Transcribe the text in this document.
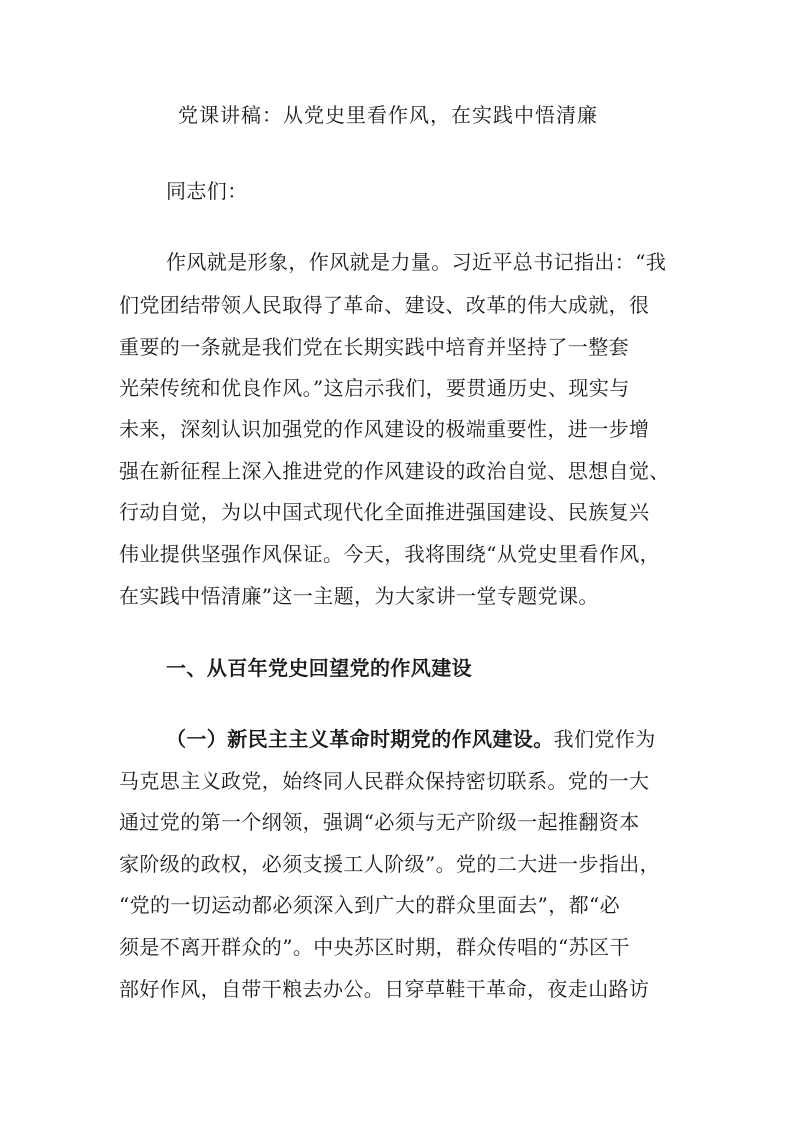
党课讲稿：从党史里看作风，在实践中悟清廉

同志们：

作风就是形象，作风就是力量。习近平总书记指出：“我

们党团结带领人民取得了革命、建设、改革的伟大成就，很

重要的一条就是我们党在长期实践中培育并坚持了一整套

光荣传统和优良作风。”这启示我们，要贯通历史、现实与

未来，深刻认识加强党的作风建设的极端重要性，进一步增

强在新征程上深入推进党的作风建设的政治自觉、思想自觉、

行动自觉，为以中国式现代化全面推进强国建设、民族复兴

伟业提供坚强作风保证。今天，我将围绕“从党史里看作风，

在实践中悟清廉”这一主题，为大家讲一堂专题党课。

一、从百年党史回望党的作风建设

（一）新民主主义革命时期党的作风建设。我们党作为

马克思主义政党，始终同人民群众保持密切联系。党的一大

通过党的第一个纲领，强调“必须与无产阶级一起推翻资本

家阶级的政权，必须支援工人阶级”。党的二大进一步指出，

“党的一切运动都必须深入到广大的群众里面去”，都“必

须是不离开群众的”。中央苏区时期，群众传唱的“苏区干

部好作风，自带干粮去办公。日穿草鞋干革命，夜走山路访
